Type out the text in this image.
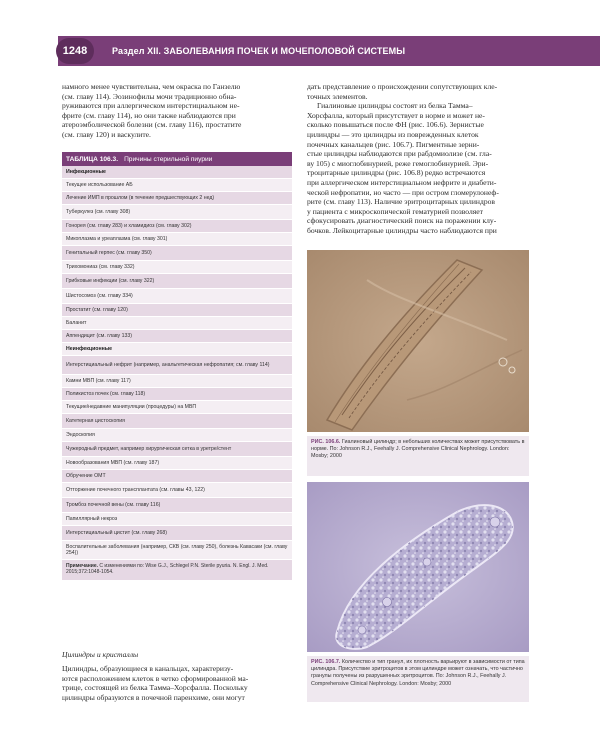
1248	Раздел XII. ЗАБОЛЕВАНИЯ ПОЧЕК И МОЧЕПОЛОВОЙ СИСТЕМЫ

намного менее чувствительна, чем окраска по Ганзелю

(см. главу 114). Эозинофилы мочи традиционно обна-

руживаются при аллергическом интерстициальном не-

фрите (см. главу 114), но они также наблюдаются при

атероэмболической болезни (см. главу 116), простатите

(см. главу 120) и васкулите.

ТАБЛИЦА 106.3. Причины стерильной пиурии
Инфекционные
Текущее использование АБ
Лечение ИМП в прошлом (в течение предшествующих 2 нед)
Туберкулез (см. главу 308)
Гонорея (см. главу 283) и хламидиоз (см. главу 302)
Микоплазма и уреаплазма (см. главу 301)
Генитальный герпес (см. главу 350)
Трихомониаз (см. главу 332)
Грибковые инфекции (см. главу 322)
Шистосомоз (см. главу 334)
Простатит (см. главу 120)
Баланит
Аппендицит (см. главу 133)
Неинфекционные
Интерстициальный нефрит (например, анальгетическая нефропатия; см. главу 114)
Камни МВП (см. главу 117)
Поликистоз почек (см. главу 118)
Текущие/недавние манипуляции (процедуры) на МВП
Катетерная цистоскопия
Эндоскопия
Чужеродный предмет, например хирургическая сетка в уретре/стент
Новообразования МВП (см. главу 187)
Обручение ОМТ
Отторжение почечного трансплантата (см. главы 43, 122)
Тромбоз почечной вены (см. главу 116)
Папиллярный некроз
Интерстициальный цистит (см. главу 268)
Воспалительные заболевания (например, СКВ (см. главу 250), болезнь Кавасаки (см. главу 254))
Примечание. С изменениями по: Wise G.J., Schlegel P.N. Sterile pyuria. N. Engl. J. Med. 2015;372:1048-1054.
Цилиндры и кристаллы

Цилиндры, образующиеся в канальцах, характеризу-

ются расположением клеток в четко сформированной ма-

трице, состоящей из белка Тамма–Хорсфалла. Поскольку

цилиндры образуются в почечной паренхиме, они могут

дать представление о происхождении сопутствующих кле-

точных элементов.

Гиалиновые цилиндры состоят из белка Тамма–

Хорсфалла, который присутствует в норме и может не-

сколько повышаться после ФН (рис. 106.6). Зернистые

цилиндры — это цилиндры из поврежденных клеток

почечных канальцев (рис. 106.7). Пигментные зерни-

стые цилиндры наблюдаются при рабдомиолизе (см. гла-

ву 105) с миоглобинурией, реже гемоглобинурией. Эри-

троцитарные цилиндры (рис. 106.8) редко встречаются

при аллергическом интерстициальном нефрите и диабети-

ческой нефропатии, но часто — при остром гломерулонеф-

рите (см. главу 113). Наличие эритроцитарных цилиндров

у пациента с микроскопической гематурией позволяет

сфокусировать диагностический поиск на поражении клу-

бочков. Лейкоцитарные цилиндры часто наблюдаются при

РИС. 106.6. Гиалиновый цилиндр; в небольших количествах может присутствовать в норме. По: Johnson R.J., Feehally J. Comprehensive Clinical Nephrology. London: Mosby; 2000
РИС. 106.7. Количество и тип гранул, их плотность варьируют в зависимости от типа цилиндра. Присутствие эритроцитов в этом цилиндре может означать, что частично гранулы получены из разрушенных эритроцитов. По: Johnson R.J., Feehally J. Comprehensive Clinical Nephrology. London: Mosby; 2000
